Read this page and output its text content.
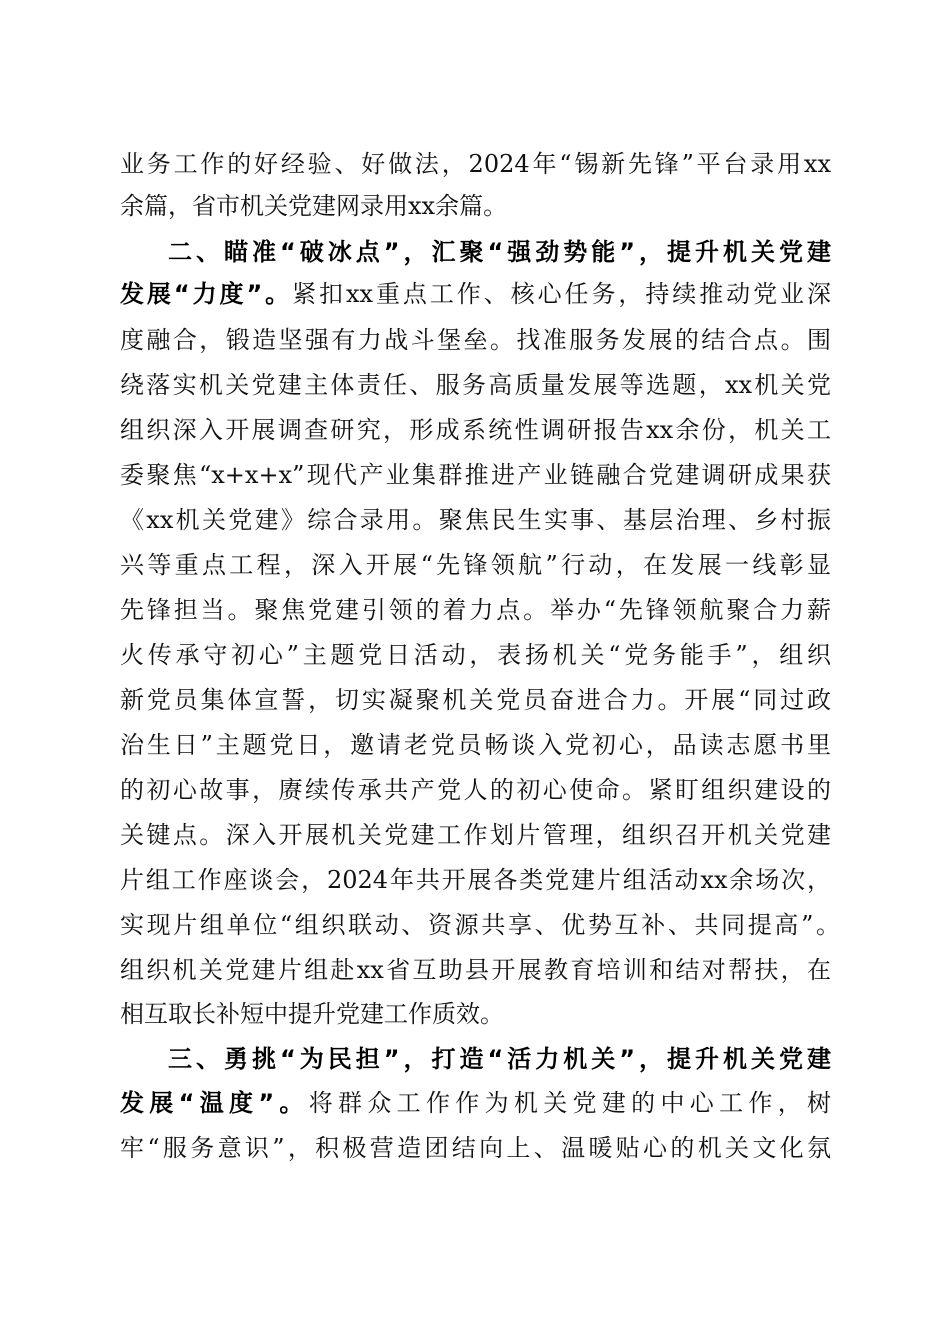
业务工作的好经验、好做法，2024年“锡新先锋”平台录用xx

余篇，省市机关党建网录用xx余篇。

二、瞄准“破冰点”，汇聚“强劲势能”，提升机关党建

发展“力度”。紧扣xx重点工作、核心任务，持续推动党业深

度融合，锻造坚强有力战斗堡垒。找准服务发展的结合点。围

绕落实机关党建主体责任、服务高质量发展等选题，xx机关党

组织深入开展调查研究，形成系统性调研报告xx余份，机关工

委聚焦“x+x+x”现代产业集群推进产业链融合党建调研成果获

《xx机关党建》综合录用。聚焦民生实事、基层治理、乡村振

兴等重点工程，深入开展“先锋领航”行动，在发展一线彰显

先锋担当。聚焦党建引领的着力点。举办“先锋领航聚合力薪

火传承守初心”主题党日活动，表扬机关“党务能手”，组织

新党员集体宣誓，切实凝聚机关党员奋进合力。开展“同过政

治生日”主题党日，邀请老党员畅谈入党初心，品读志愿书里

的初心故事，赓续传承共产党人的初心使命。紧盯组织建设的

关键点。深入开展机关党建工作划片管理，组织召开机关党建

片组工作座谈会，2024年共开展各类党建片组活动xx余场次，

实现片组单位“组织联动、资源共享、优势互补、共同提高”。

组织机关党建片组赴xx省互助县开展教育培训和结对帮扶，在

相互取长补短中提升党建工作质效。

三、勇挑“为民担”，打造“活力机关”，提升机关党建

发展“温度”。将群众工作作为机关党建的中心工作，树

牢“服务意识”，积极营造团结向上、温暖贴心的机关文化氛
